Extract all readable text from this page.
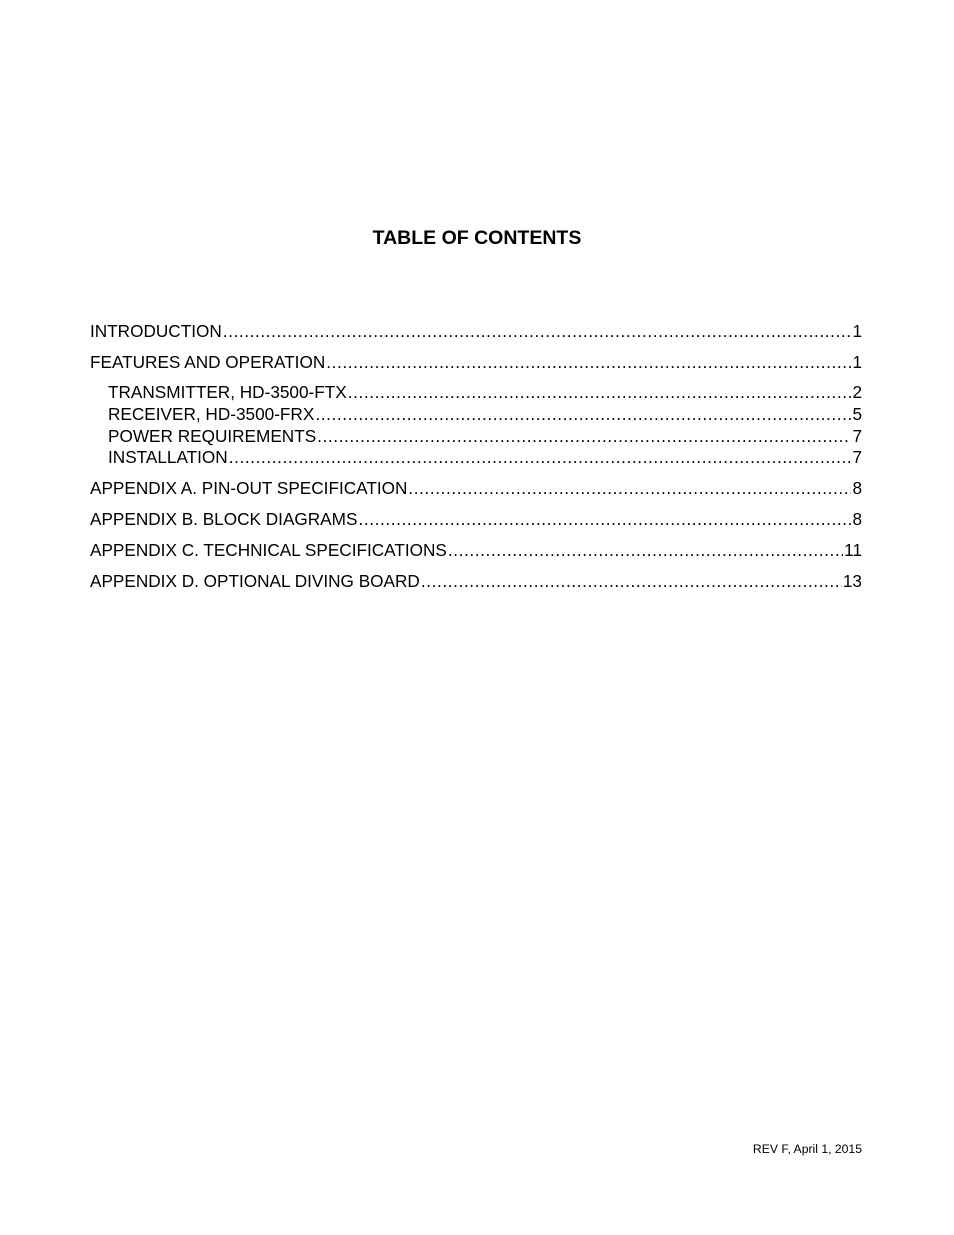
TABLE OF CONTENTS
INTRODUCTION .....	1
FEATURES AND OPERATION .....	1
TRANSMITTER, HD-3500-FTX .....	2
RECEIVER, HD-3500-FRX .....	5
POWER REQUIREMENTS .....	7
INSTALLATION .....	7
APPENDIX A. PIN-OUT SPECIFICATION .....	8
APPENDIX B. BLOCK DIAGRAMS .....	8
APPENDIX C. TECHNICAL SPECIFICATIONS .....	11
APPENDIX D. OPTIONAL DIVING BOARD .....	13
REV F, April 1, 2015
